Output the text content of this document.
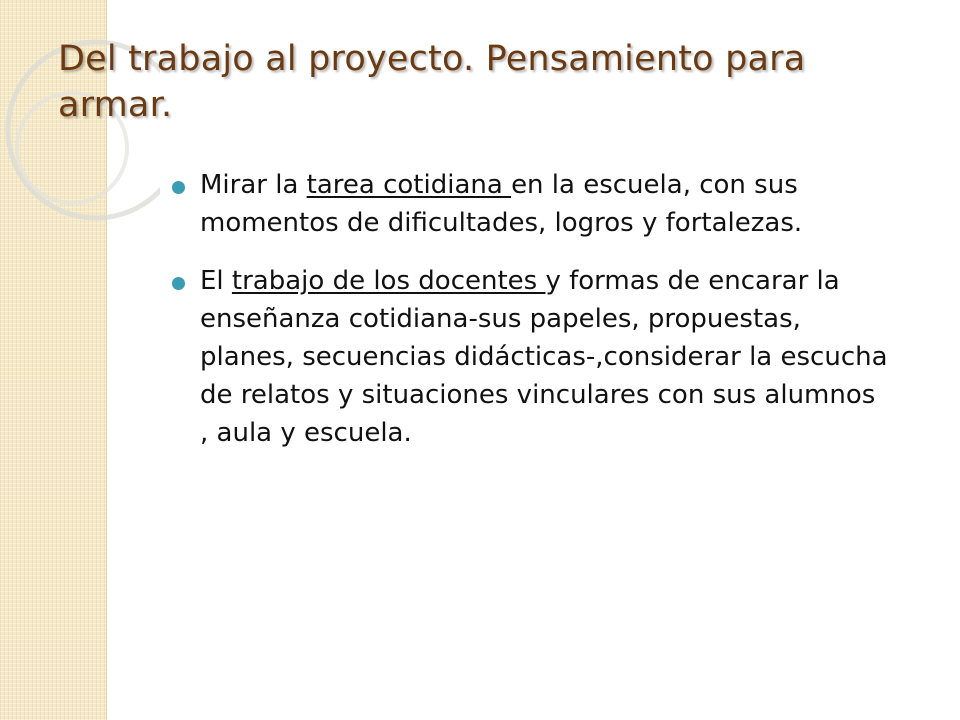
Del trabajo al proyecto. Pensamiento para armar.
Mirar la tarea cotidiana en la escuela, con sus momentos de dificultades, logros y fortalezas.
El trabajo de los docentes y formas de encarar la enseñanza cotidiana-sus papeles, propuestas, planes, secuencias didácticas-,considerar la escucha de relatos y situaciones vinculares con sus alumnos , aula y escuela.
